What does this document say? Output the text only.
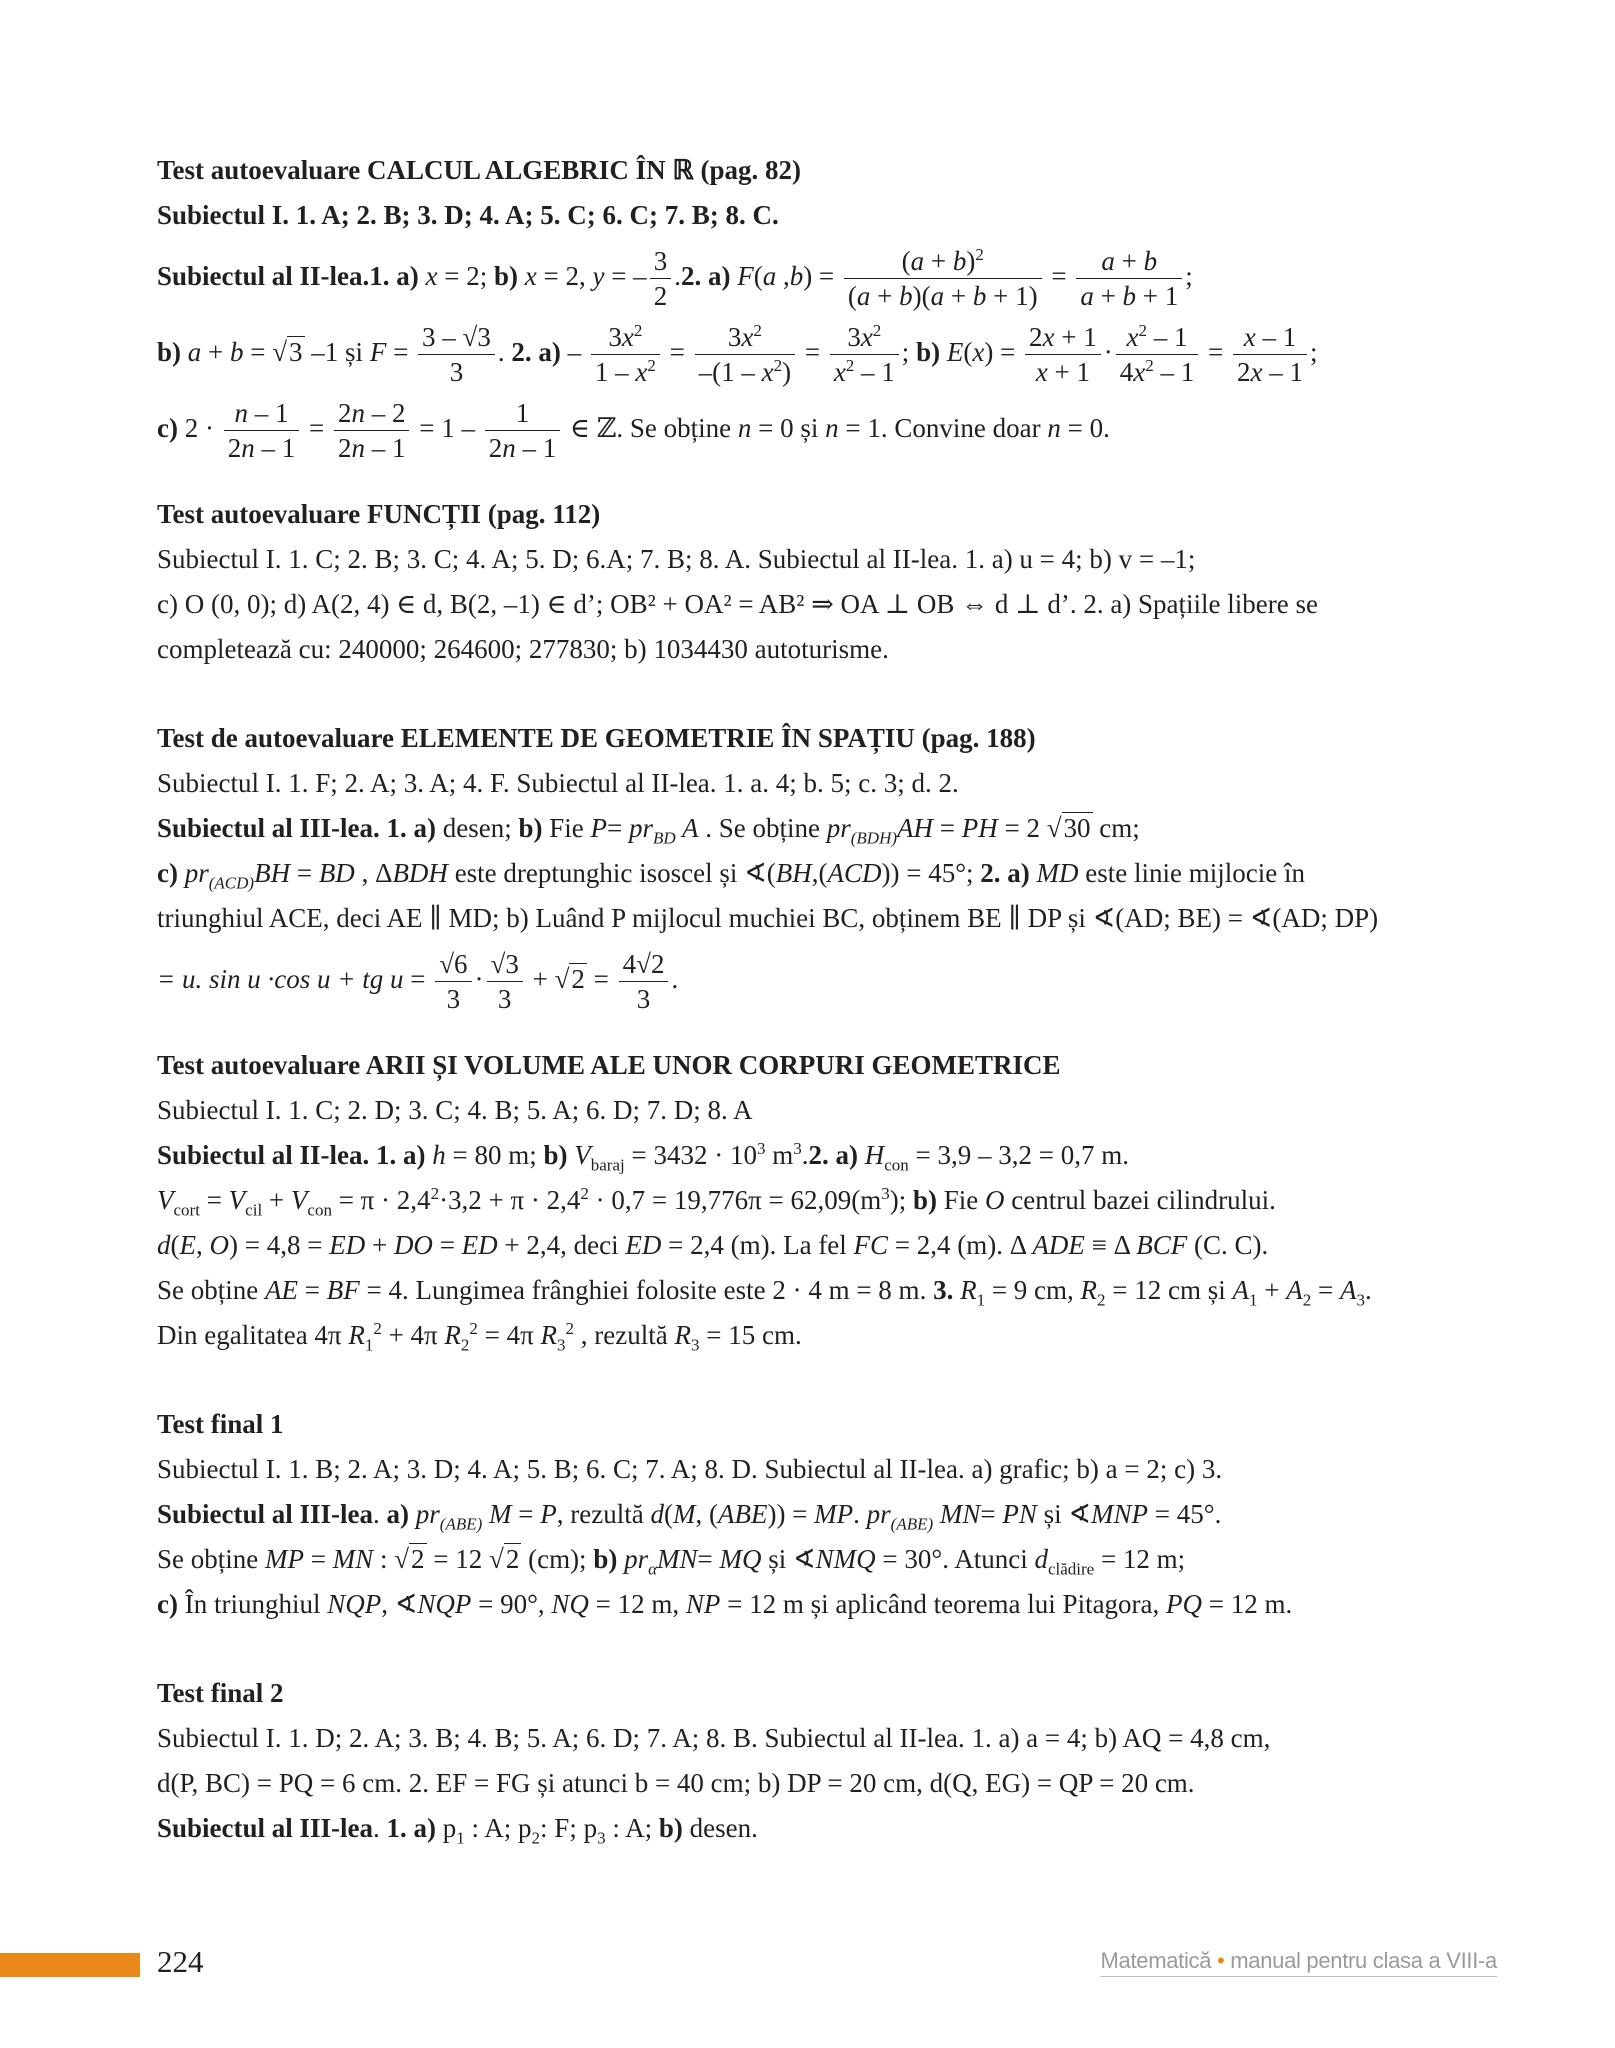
Test autoevaluare CALCUL ALGEBRIC ÎN ℝ (pag. 82)
Subiectul I. 1. A; 2. B; 3. D; 4. A; 5. C; 6. C; 7. B; 8. C.
Subiectul al II-lea.1. a) x = 2; b) x = 2, y = – $\frac{3}{2} .2$. a) F(a $,b) = \frac{(a + b)^2}{(a + b)(a + b + 1)} = \frac{a + b}{a + b + 1}$ ;
b) a + b = √3 –1 și $F = \frac{3 - √3}{3}$ . 2. $a) - \frac{3x^2}{1 - x^2} = \frac{3x^2}{-(1 - x^2)} = \frac{3x^2}{x^2 - 1}$ ; b) $E(x) = \frac{2x + 1}{x + 1} \cdot \frac{x^2 - 1}{4x^2 - 1} = \frac{x - 1}{2x - 1}$ ;
c) $2 \cdot \frac{n - 1}{2n - 1} = \frac{2n - 2}{2n - 1} = 1 - \frac{1}{2n - 1}$ ∈ ℤ. Se obține n = 0 și n = 1. Convine doar n = 0.
Test autoevaluare FUNCȚII (pag. 112)
Subiectul I. 1. C; 2. B; 3. C; 4. A; 5. D; 6.A; 7. B; 8. A. Subiectul al II-lea. 1. a) u = 4; b) v = –1;
c) O (0, 0); d) A(2, 4) ∈ d, B(2, –1) ∈ d’; OB² + OA² = AB² ⇒ OA ⊥ OB ⇔ d ⊥ d’. 2. a) Spațiile libere se
completează cu: 240000; 264600; 277830; b) 1034430 autoturisme.
Test de autoevaluare ELEMENTE DE GEOMETRIE ÎN SPAȚIU (pag. 188)
Subiectul I. 1. F; 2. A; 3. A; 4. F. Subiectul al II-lea. 1. a. 4; b. 5; c. 3; d. 2.
Subiectul al III-lea. 1. a) desen; b) Fie $P= pr_{BD}$ A . Se obține $pr_{(BDH)}AH$ = PH = 2 √30 cm;
c) $pr_{(ACD)}BH$ = BD , ΔBDH este dreptunghic isoscel și ∢(BH,(ACD)) = 45°; 2. a) MD este linie mijlocie în
triunghiul ACE, deci AE ∥ MD; b) Luând P mijlocul muchiei BC, obținem BE ∥ DP și ∢(AD; BE) = ∢(AD; DP)
= u. sin u ·cos u + tg $u = \frac{√6}{3} \cdot \frac{√3}{3} + √2 = \frac{4√2}{3}$ .
Test autoevaluare ARII ȘI VOLUME ALE UNOR CORPURI GEOMETRICE
Subiectul I. 1. C; 2. D; 3. C; 4. B; 5. A; 6. D; 7. D; 8. A
Subiectul al II-lea. 1. a) h = 80 m; b) $V_{baraj} = 3432 \cdot 10^3$ $m^3.2$. a) $H_{con} = 3,9 - 3,2 = 0,7$ m.
$V_{cort} = V_{cil} + V_{con} = \pi \cdot 2,4^2\cdot 3,2 + \pi \cdot 2,4^2 \cdot 0,7 = 19,776\pi = 62,09(m^3)$; b) Fie O centrul bazei cilindrului.
d(E, O) = 4,8 = ED + DO = ED + 2,4, deci ED = 2,4 (m). La fel FC = 2,4 (m). Δ ADE ≡ Δ BCF (C. C).
Se obține AE = BF = 4. Lungimea frânghiei folosite este 2 · 4 m = 8 m. 3. $R_1 = 9$ cm, $R_2 = 12$ cm și $A_1 + A_2 = A_3$.
Din egalitatea 4π $R_1^2 + 4\pi$ $R_2^2 = 4\pi$ $R_3^2$ , rezultă $R_3 = 15$ cm.
Test final 1
Subiectul I. 1. B; 2. A; 3. D; 4. A; 5. B; 6. C; 7. A; 8. D. Subiectul al II-lea. a) grafic; b) a = 2; c) 3.
Subiectul al III-lea. a) $pr_{(ABE)}$ M = P, rezultă d(M, (ABE)) = MP. $pr_{(ABE)}$ MN= PN și ∢MNP = 45°.
Se obține MP = MN : √2 = 12 √2 (cm); b) $pr_\alpha MN=$ MQ și ∢NMQ = 30°. Atunci $d_{clădire} = 12$ m;
c) În triunghiul NQP, ∢NQP = 90°, NQ = 12 m, NP = 12 m și aplicând teorema lui Pitagora, PQ = 12 m.
Test final 2
Subiectul I. 1. D; 2. A; 3. B; 4. B; 5. A; 6. D; 7. A; 8. B. Subiectul al II-lea. 1. a) a = 4; b) AQ = 4,8 cm,
d(P, BC) = PQ = 6 cm. 2. EF = FG și atunci b = 40 cm; b) DP = 20 cm, d(Q, EG) = QP = 20 cm.
Subiectul al III-lea. 1. a) $p_1$ : A; $p_2$: F; $p_3$ : A; b) desen.
224	Matematică • manual pentru clasa a VIII-a
